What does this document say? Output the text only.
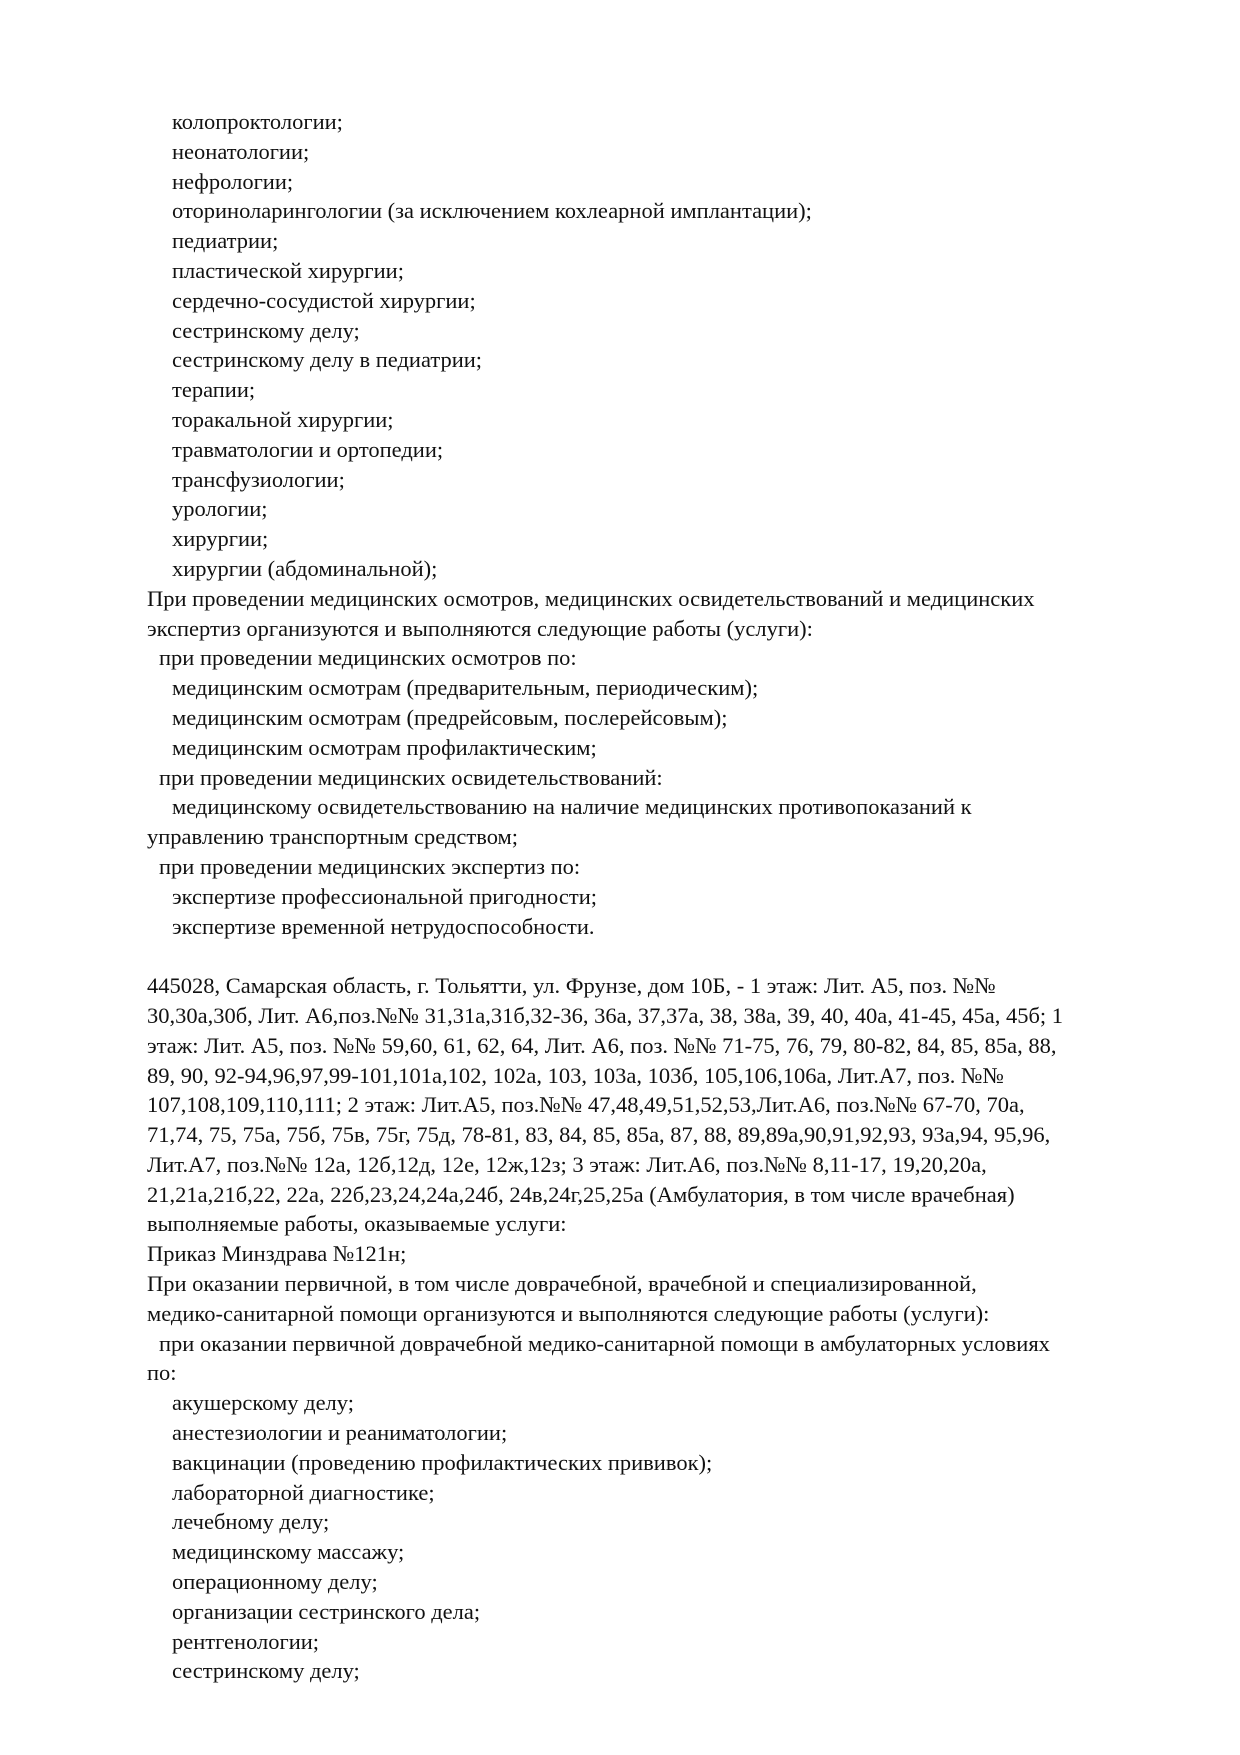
колопроктологии;
неонатологии;
нефрологии;
оториноларингологии (за исключением кохлеарной имплантации);
педиатрии;
пластической хирургии;
сердечно-сосудистой хирургии;
сестринскому делу;
сестринскому делу в педиатрии;
терапии;
торакальной хирургии;
травматологии и ортопедии;
трансфузиологии;
урологии;
хирургии;
хирургии (абдоминальной);
При проведении медицинских осмотров, медицинских освидетельствований и медицинских
экспертиз организуются и выполняются следующие работы (услуги):
при проведении медицинских осмотров по:
медицинским осмотрам (предварительным, периодическим);
медицинским осмотрам (предрейсовым, послерейсовым);
медицинским осмотрам профилактическим;
при проведении медицинских освидетельствований:
медицинскому освидетельствованию на наличие медицинских противопоказаний к
управлению транспортным средством;
при проведении медицинских экспертиз по:
экспертизе профессиональной пригодности;
экспертизе временной нетрудоспособности.
445028, Самарская область, г. Тольятти, ул. Фрунзе, дом 10Б, - 1 этаж: Лит. А5, поз. №№
30,30а,30б, Лит. А6,поз.№№ 31,31а,31б,32-36, 36а, 37,37а, 38, 38а, 39, 40, 40а, 41-45, 45а, 45б; 1
этаж: Лит. А5, поз. №№ 59,60, 61, 62, 64, Лит. А6, поз. №№ 71-75, 76, 79, 80-82, 84, 85, 85а, 88,
89, 90, 92-94,96,97,99-101,101а,102, 102а, 103, 103а, 103б, 105,106,106а, Лит.А7, поз. №№
107,108,109,110,111; 2 этаж: Лит.А5, поз.№№ 47,48,49,51,52,53,Лит.А6, поз.№№ 67-70, 70а,
71,74, 75, 75а, 75б, 75в, 75г, 75д, 78-81, 83, 84, 85, 85а, 87, 88, 89,89а,90,91,92,93, 93а,94, 95,96,
Лит.А7, поз.№№ 12а, 12б,12д, 12е, 12ж,12з; 3 этаж: Лит.А6, поз.№№ 8,11-17, 19,20,20а,
21,21а,21б,22, 22а, 22б,23,24,24а,24б, 24в,24г,25,25а (Амбулатория, в том числе врачебная)
выполняемые работы, оказываемые услуги:
Приказ Минздрава №121н;
При оказании первичной, в том числе доврачебной, врачебной и специализированной,
медико-санитарной помощи организуются и выполняются следующие работы (услуги):
при оказании первичной доврачебной медико-санитарной помощи в амбулаторных условиях
по:
акушерскому делу;
анестезиологии и реаниматологии;
вакцинации (проведению профилактических прививок);
лабораторной диагностике;
лечебному делу;
медицинскому массажу;
операционному делу;
организации сестринского дела;
рентгенологии;
сестринскому делу;
